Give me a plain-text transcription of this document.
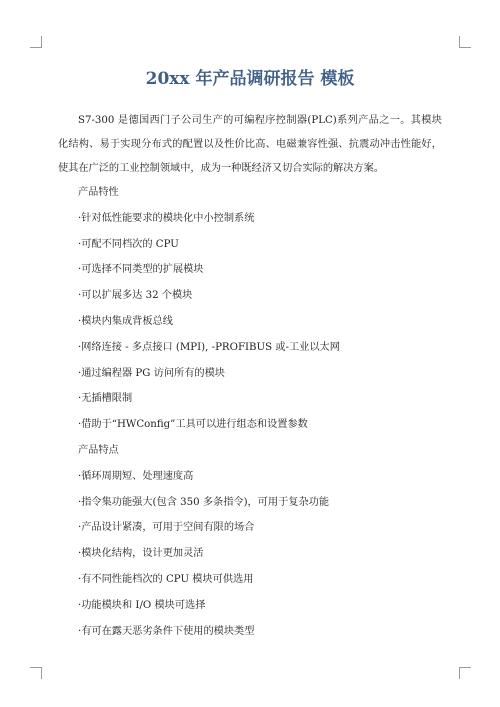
20xx 年产品调研报告 模板

S7-300 是德国西门子公司生产的可编程序控制器(PLC)系列产品之一。其模块化结构、易于实现分布式的配置以及性价比高、电磁兼容性强、抗震动冲击性能好，使其在广泛的工业控制领域中，成为一种既经济又切合实际的解决方案。

产品特性
·针对低性能要求的模块化中小控制系统
·可配不同档次的 CPU
·可选择不同类型的扩展模块
·可以扩展多达 32 个模块
·模块内集成背板总线
·网络连接 - 多点接口 (MPI), -PROFIBUS 或-工业以太网
·通过编程器 PG 访问所有的模块
·无插槽限制
·借助于“HWConfig”工具可以进行组态和设置参数
产品特点
·循环周期短、处理速度高
·指令集功能强大(包含 350 多条指令)，可用于复杂功能
·产品设计紧凑，可用于空间有限的场合
·模块化结构，设计更加灵活
·有不同性能档次的 CPU 模块可供选用
·功能模块和 I/O 模块可选择
·有可在露天恶劣条件下使用的模块类型
